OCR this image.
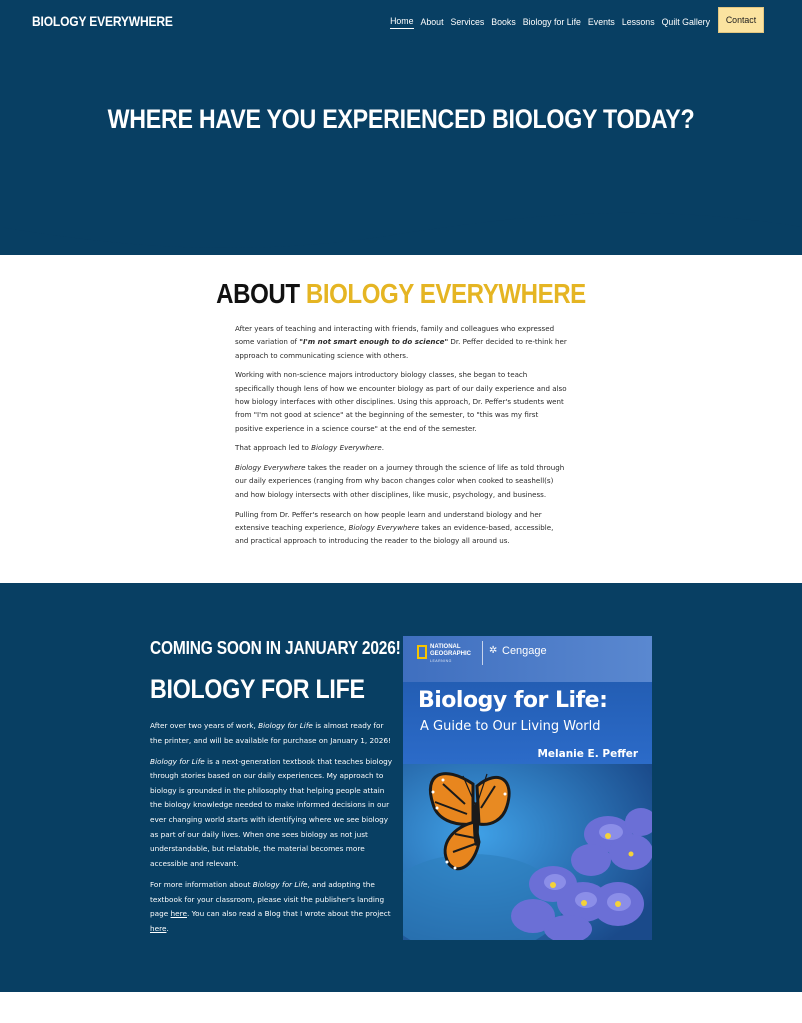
BIOLOGY EVERYWHERE	Home About Services Books Biology for Life Events Lessons Quilt Gallery	Contact
WHERE HAVE YOU EXPERIENCED BIOLOGY TODAY?
ABOUT BIOLOGY EVERYWHERE

After years of teaching and interacting with friends, family and colleagues who expressed some variation of "I'm not smart enough to do science" Dr. Peffer decided to re-think her approach to communicating science with others.

Working with non-science majors introductory biology classes, she began to teach specifically though lens of how we encounter biology as part of our daily experience and also how biology interfaces with other disciplines. Using this approach, Dr. Peffer's students went from "I'm not good at science" at the beginning of the semester, to "this was my first positive experience in a science course" at the end of the semester.

That approach led to Biology Everywhere.

Biology Everywhere takes the reader on a journey through the science of life as told through our daily experiences (ranging from why bacon changes color when cooked to seashell(s) and how biology intersects with other disciplines, like music, psychology, and business.

Pulling from Dr. Peffer's research on how people learn and understand biology and her extensive teaching experience, Biology Everywhere takes an evidence-based, accessible, and practical approach to introducing the reader to the biology all around us.

COMING SOON IN JANUARY 2026!
BIOLOGY FOR LIFE

After over two years of work, Biology for Life is almost ready for the printer, and will be available for purchase on January 1, 2026!

Biology for Life is a next-generation textbook that teaches biology through stories based on our daily experiences. My approach to biology is grounded in the philosophy that helping people attain the biology knowledge needed to make informed decisions in our ever changing world starts with identifying where we see biology as part of our daily lives. When one sees biology as not just understandable, but relatable, the material becomes more accessible and relevant.

For more information about Biology for Life, and adopting the textbook for your classroom, please visit the publisher's landing page here. You can also read a Blog that I wrote about the project here.

NATIONAL
GEOGRAPHIC
LEARNING
✲ Cengage
Biology for Life:
A Guide to Our Living World
Melanie E. Peffer
